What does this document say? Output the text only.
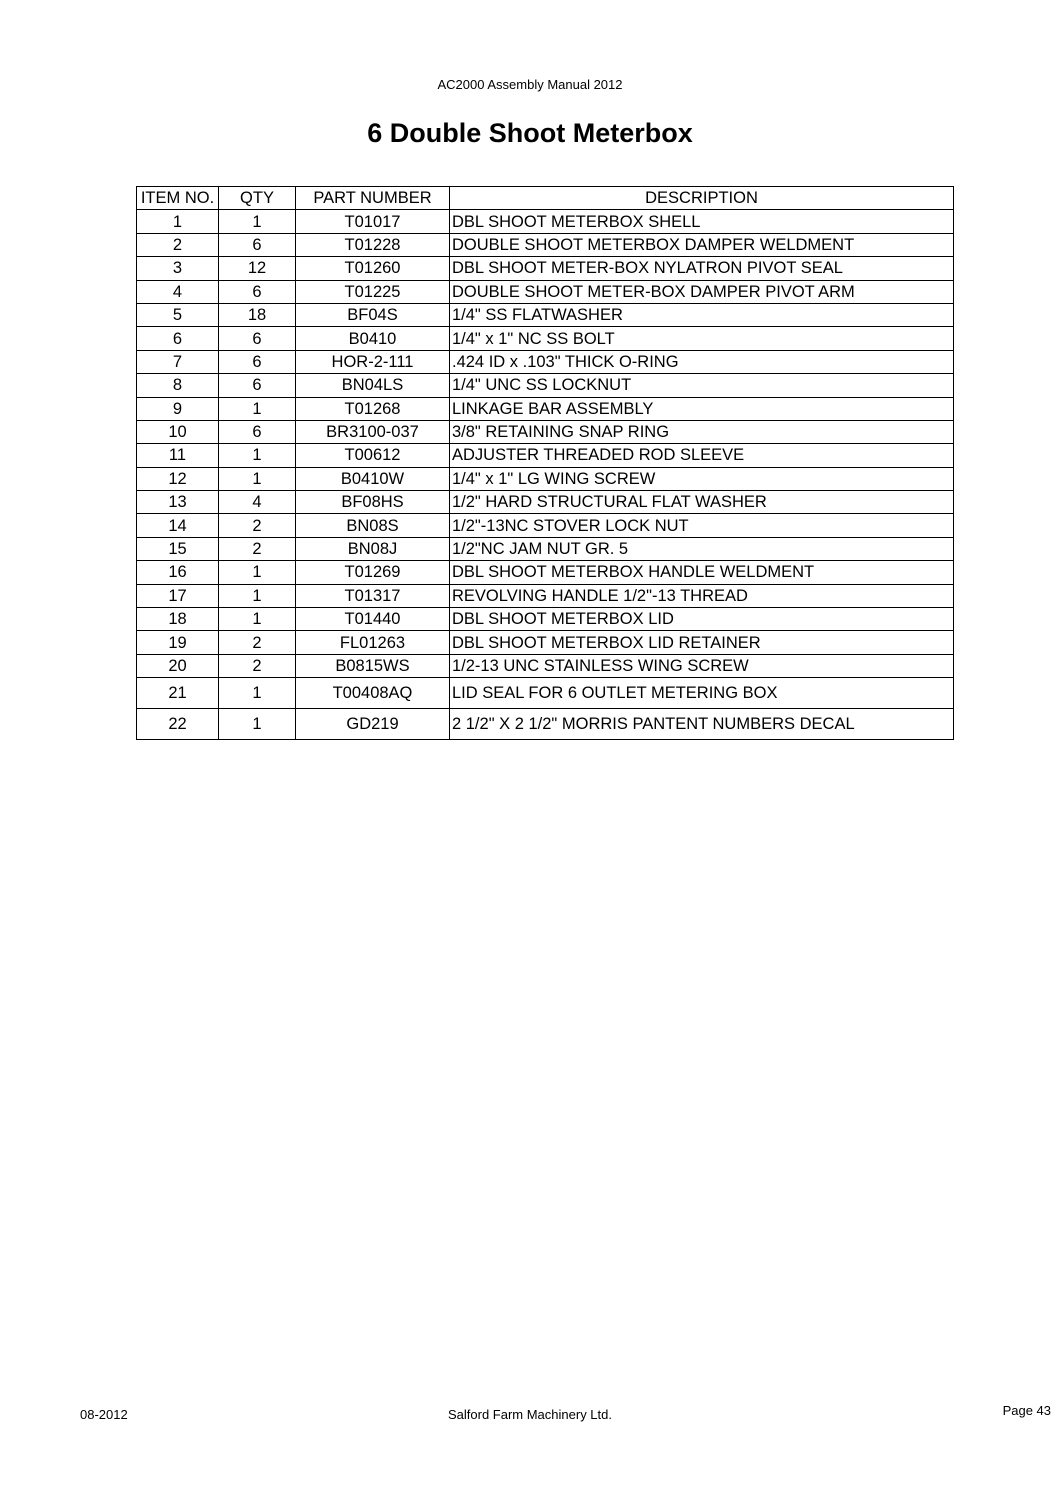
AC2000 Assembly Manual 2012
6 Double Shoot Meterbox
ITEM NO.	QTY	PART NUMBER	DESCRIPTION
1	1	T01017	DBL SHOOT METERBOX SHELL
2	6	T01228	DOUBLE SHOOT METERBOX DAMPER WELDMENT
3	12	T01260	DBL SHOOT METER-BOX NYLATRON PIVOT SEAL
4	6	T01225	DOUBLE SHOOT METER-BOX DAMPER PIVOT ARM
5	18	BF04S	1/4" SS FLATWASHER
6	6	B0410	1/4" x 1" NC SS BOLT
7	6	HOR-2-111	.424 ID x .103" THICK O-RING
8	6	BN04LS	1/4" UNC SS LOCKNUT
9	1	T01268	LINKAGE BAR ASSEMBLY
10	6	BR3100-037	3/8" RETAINING SNAP RING
11	1	T00612	ADJUSTER THREADED ROD SLEEVE
12	1	B0410W	1/4" x 1" LG WING SCREW
13	4	BF08HS	1/2" HARD STRUCTURAL FLAT WASHER
14	2	BN08S	1/2"-13NC STOVER LOCK NUT
15	2	BN08J	1/2"NC JAM NUT GR. 5
16	1	T01269	DBL SHOOT METERBOX HANDLE WELDMENT
17	1	T01317	REVOLVING HANDLE 1/2"-13 THREAD
18	1	T01440	DBL SHOOT METERBOX LID
19	2	FL01263	DBL SHOOT METERBOX LID RETAINER
20	2	B0815WS	1/2-13 UNC STAINLESS WING SCREW
21	1	T00408AQ	LID SEAL FOR 6 OUTLET METERING BOX
22	1	GD219	2 1/2" X 2 1/2" MORRIS PANTENT NUMBERS DECAL
08-2012	Salford Farm Machinery Ltd.	Page 43
